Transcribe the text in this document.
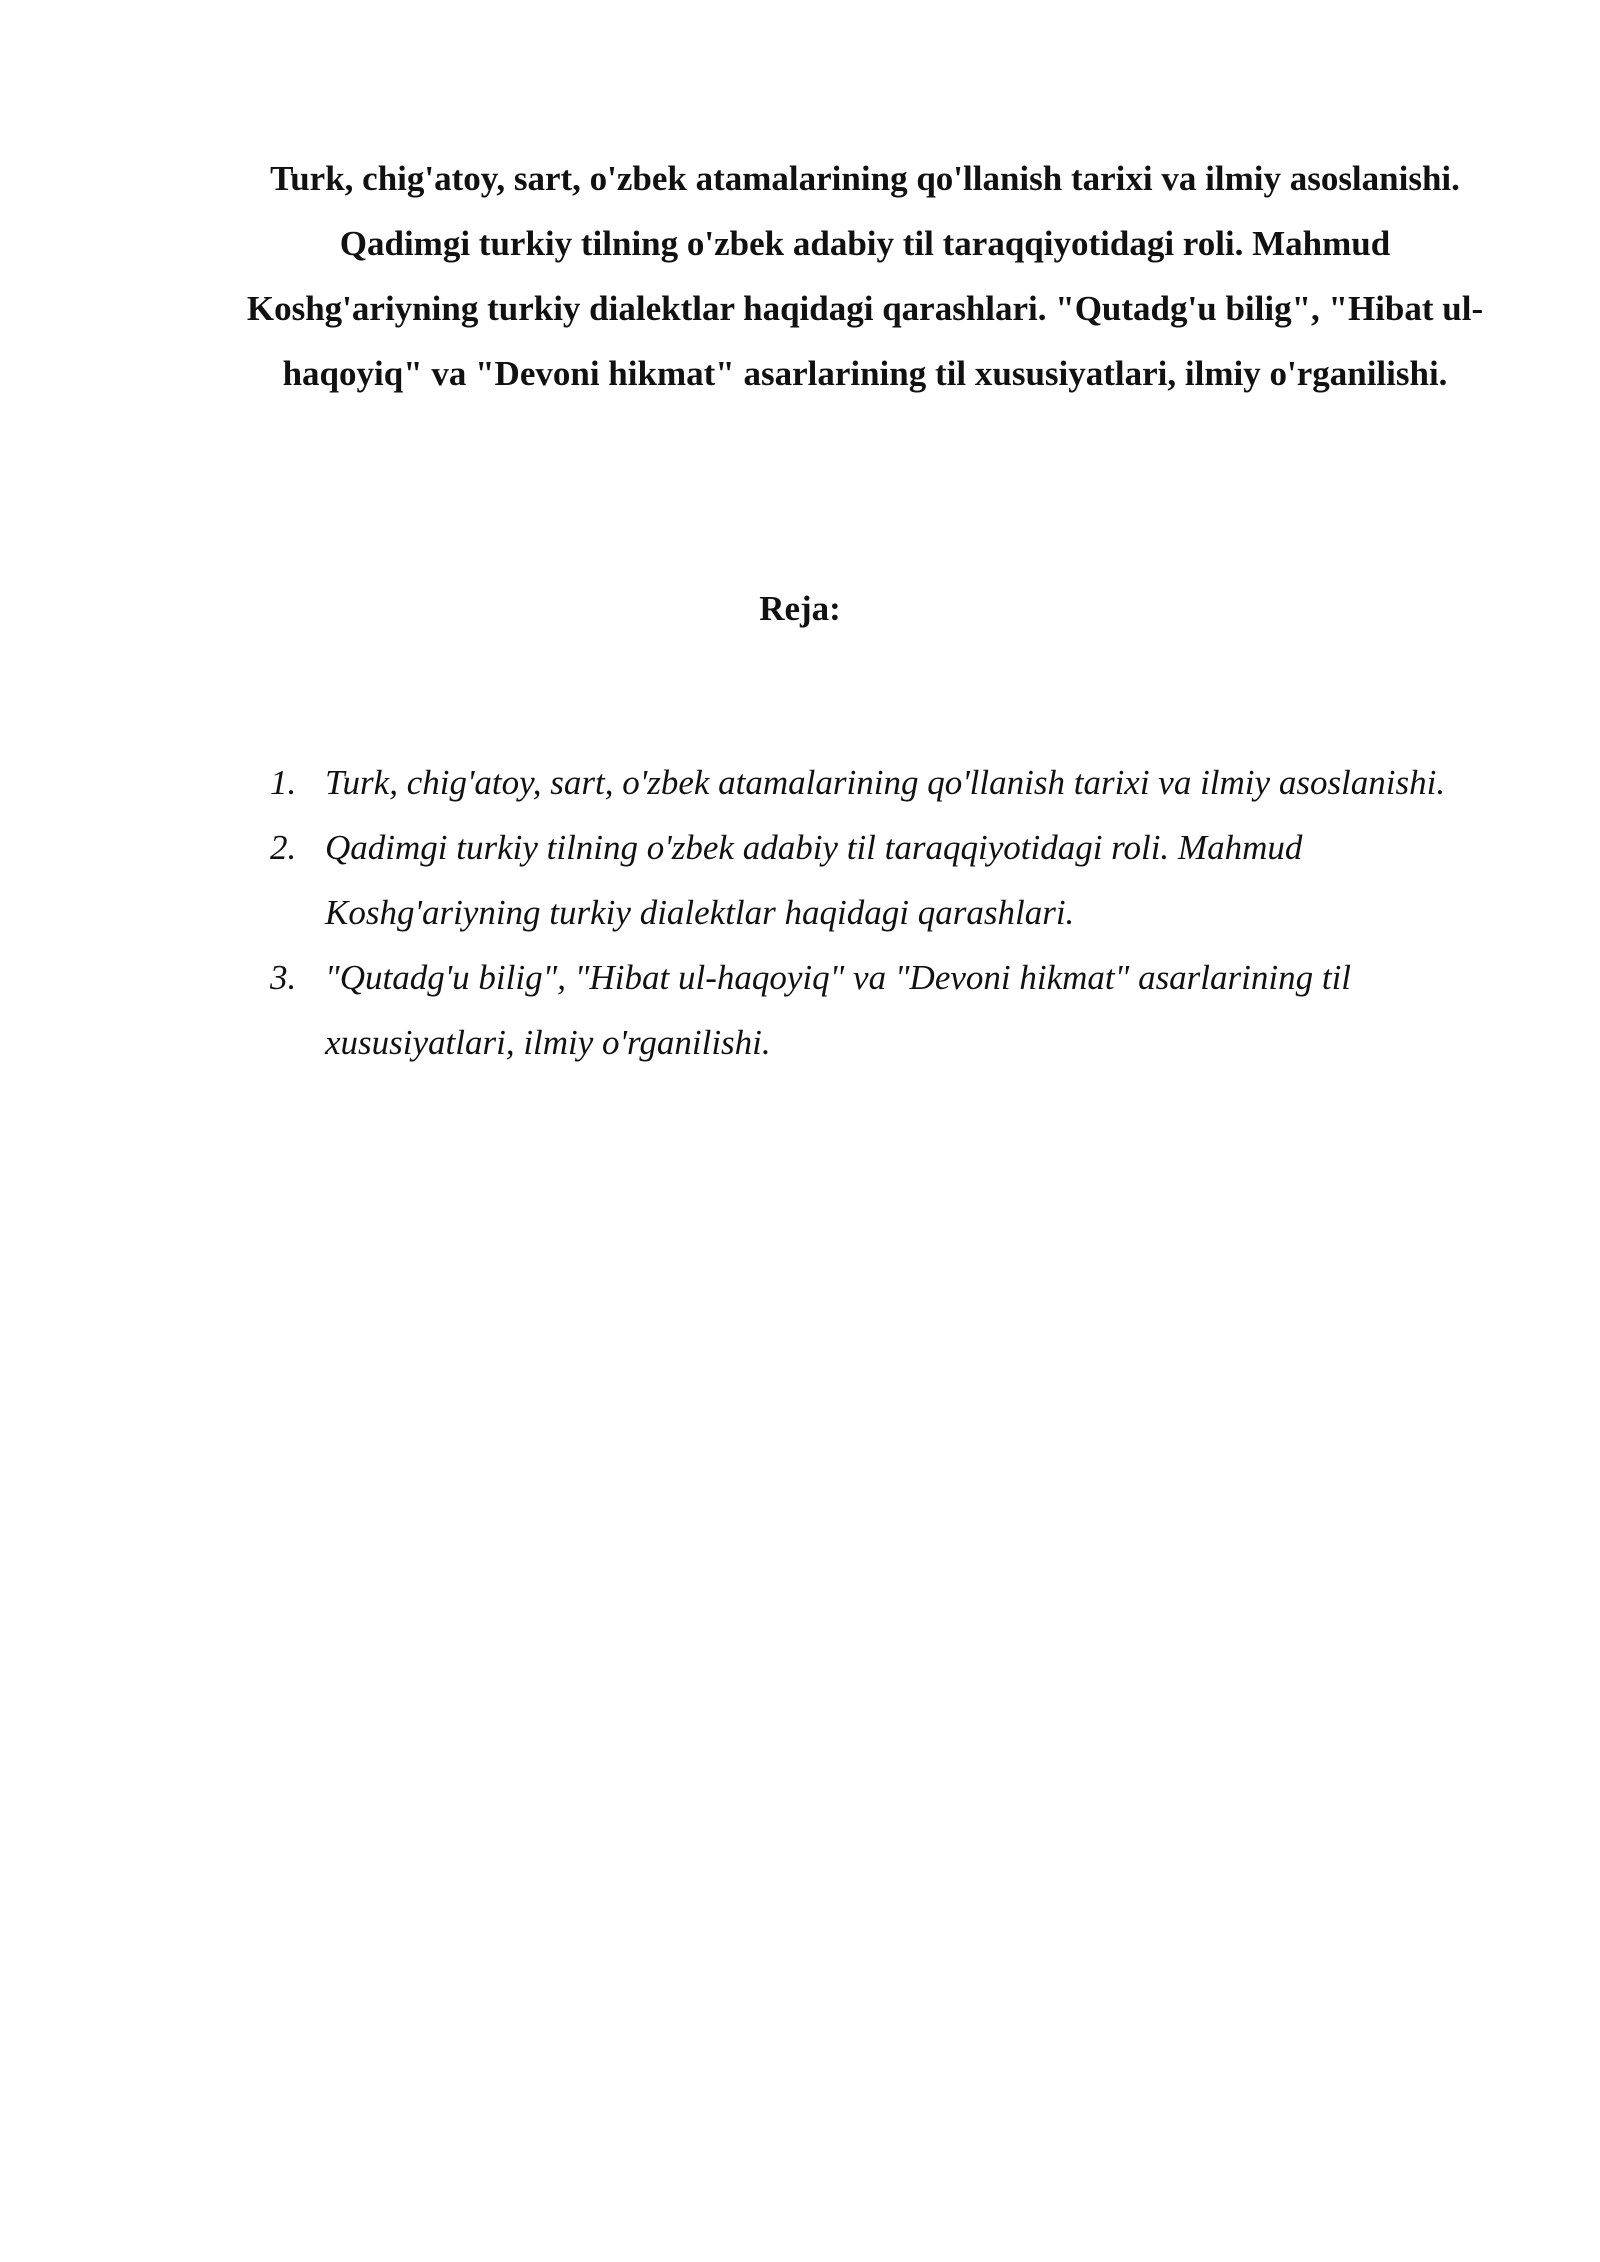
Turk, chig'atoy, sart, o'zbek atamalarining qo'llanish tarixi va ilmiy asoslanishi. Qadimgi turkiy tilning o'zbek adabiy til taraqqiyotidagi roli. Mahmud Koshg'ariyning turkiy dialektlar haqidagi qarashlari. "Qutadg'u bilig", "Hibat ul-haqoyiq" va "Devoni hikmat" asarlarining til xususiyatlari, ilmiy o'rganilishi.
Reja:
1. Turk, chig'atoy, sart, o'zbek atamalarining qo'llanish tarixi va ilmiy asoslanishi.
2. Qadimgi turkiy tilning o'zbek adabiy til taraqqiyotidagi roli. Mahmud Koshg'ariyning turkiy dialektlar haqidagi qarashlari.
3. "Qutadg'u bilig", "Hibat ul-haqoyiq" va "Devoni hikmat" asarlarining til xususiyatlari, ilmiy o'rganilishi.
